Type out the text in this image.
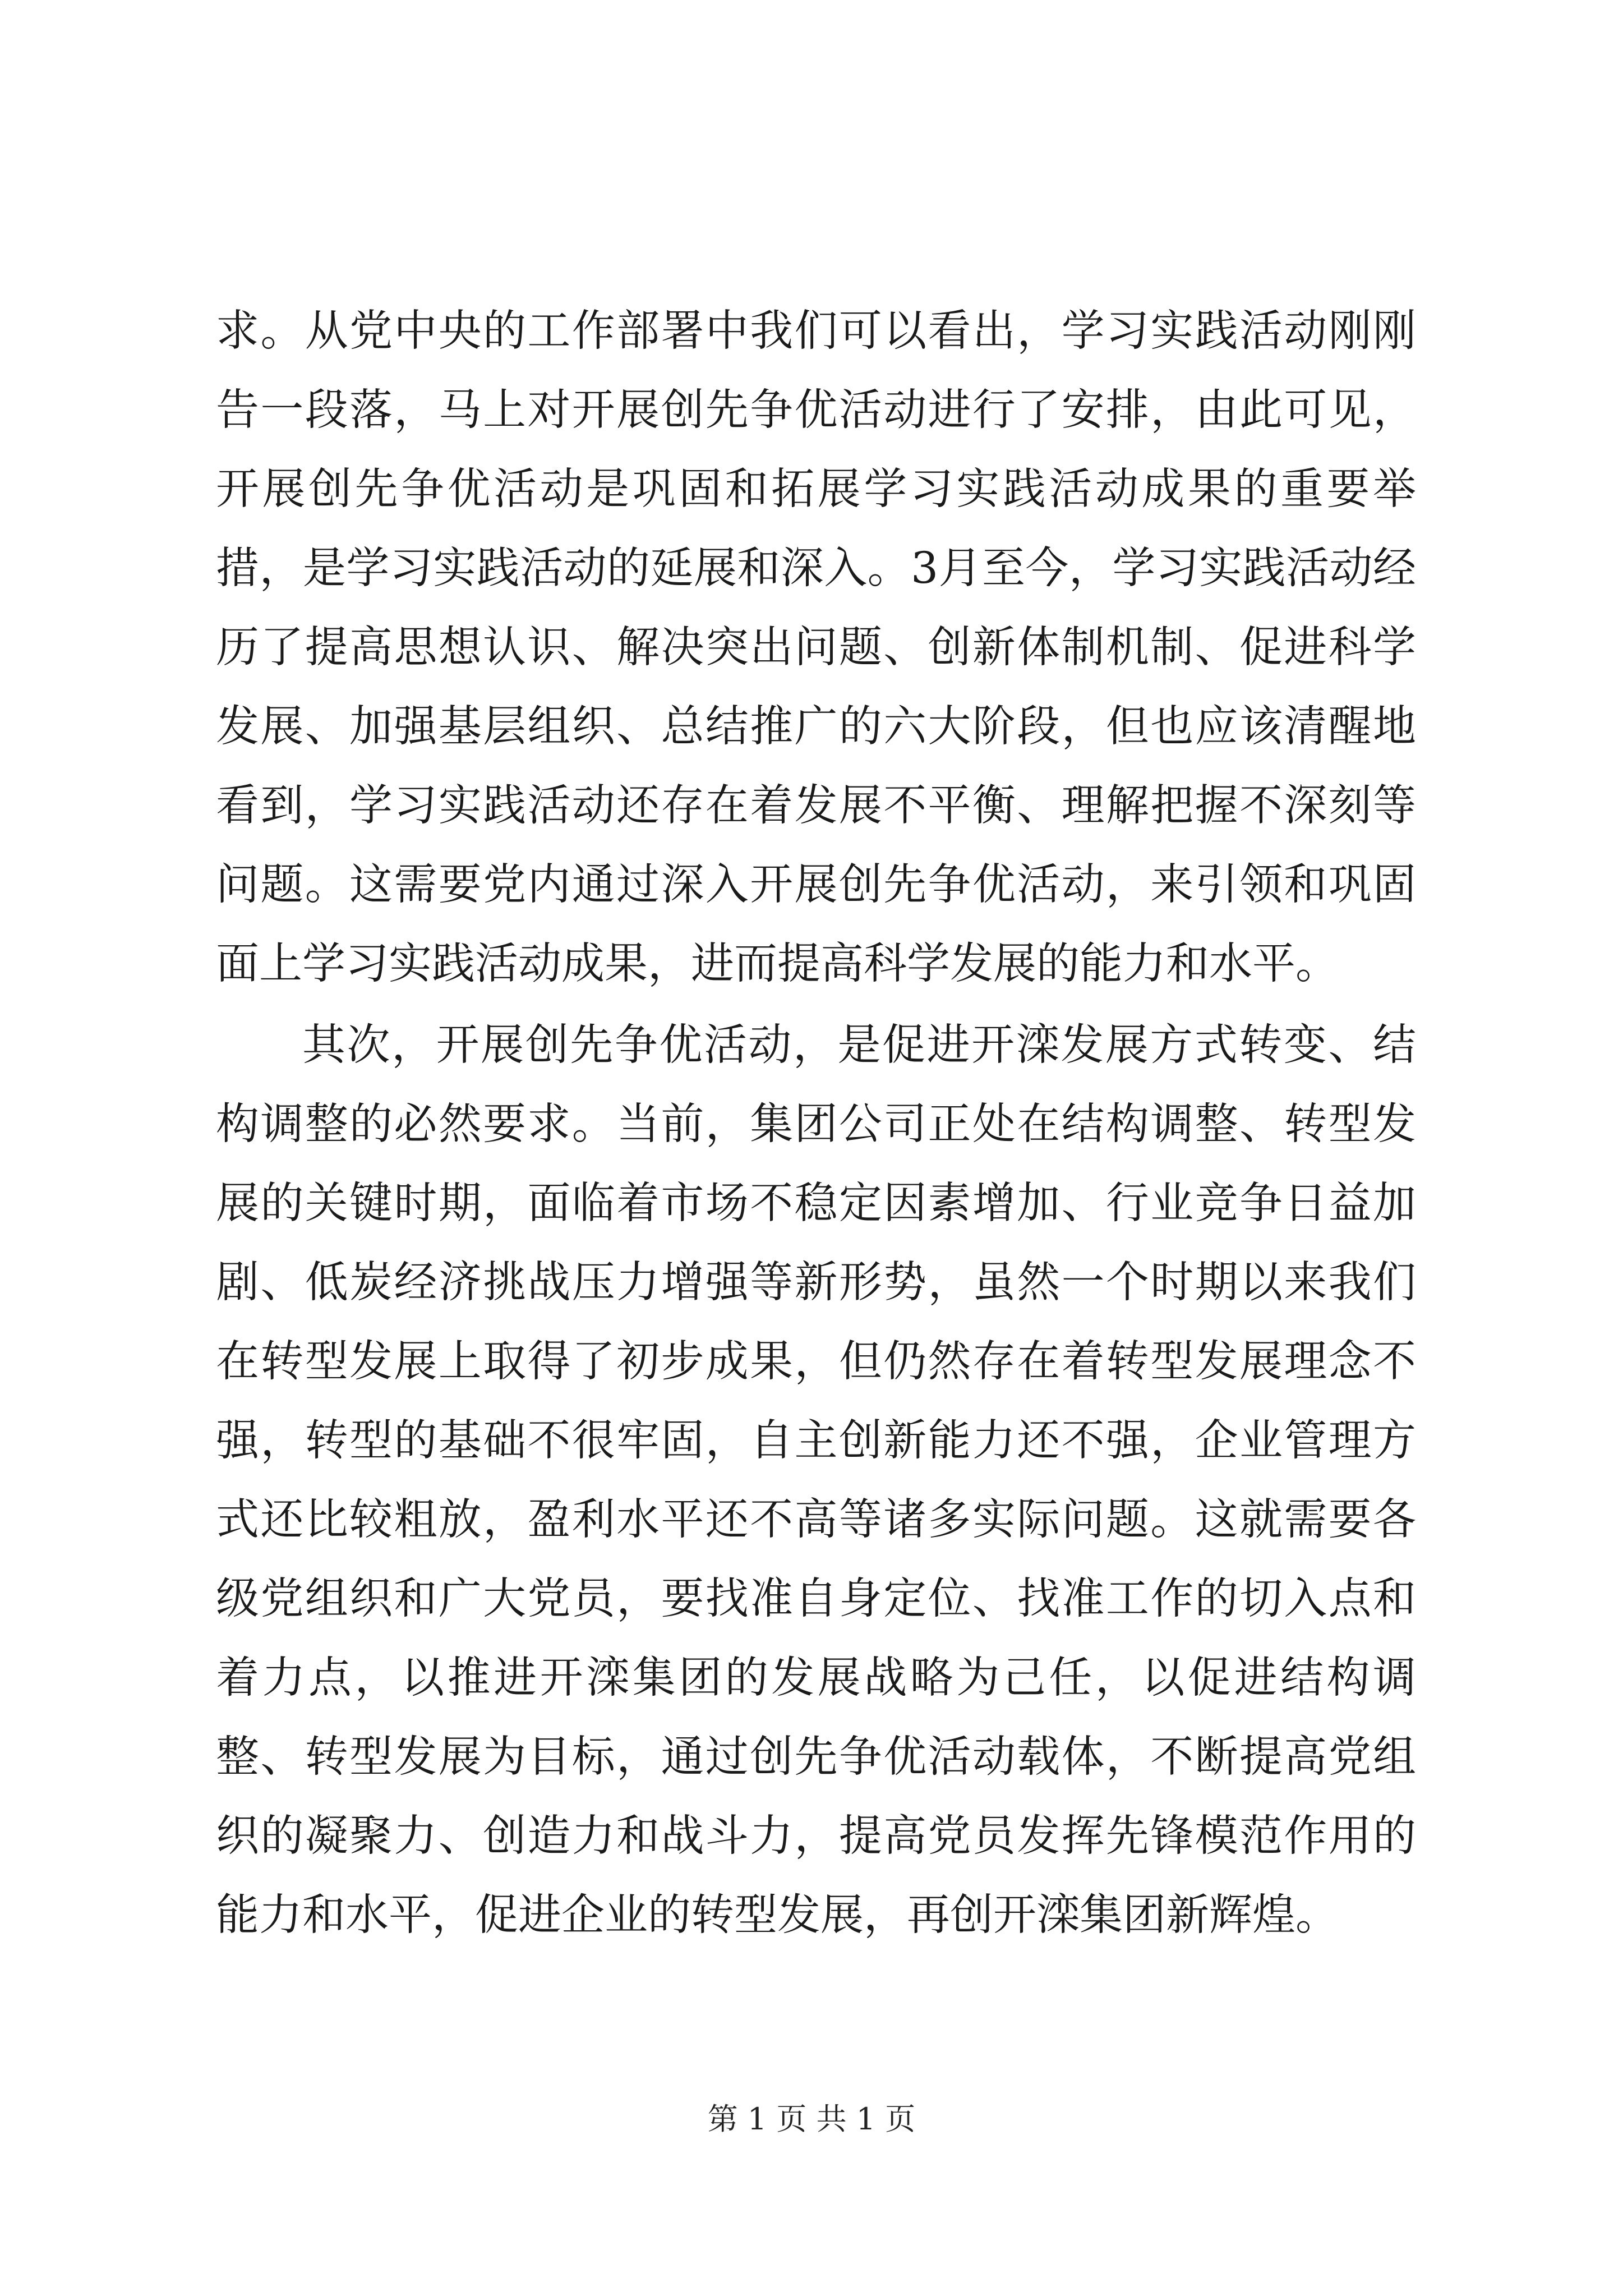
求。从党中央的工作部署中我们可以看出，学习实践活动刚刚告一段落，马上对开展创先争优活动进行了安排，由此可见，开展创先争优活动是巩固和拓展学习实践活动成果的重要举措，是学习实践活动的延展和深入。3月至今，学习实践活动经历了提高思想认识、解决突出问题、创新体制机制、促进科学发展、加强基层组织、总结推广的六大阶段，但也应该清醒地看到，学习实践活动还存在着发展不平衡、理解把握不深刻等问题。这需要党内通过深入开展创先争优活动，来引领和巩固面上学习实践活动成果，进而提高科学发展的能力和水平。

其次，开展创先争优活动，是促进开滦发展方式转变、结构调整的必然要求。当前，集团公司正处在结构调整、转型发展的关键时期，面临着市场不稳定因素增加、行业竞争日益加剧、低炭经济挑战压力增强等新形势，虽然一个时期以来我们在转型发展上取得了初步成果，但仍然存在着转型发展理念不强，转型的基础不很牢固，自主创新能力还不强，企业管理方式还比较粗放，盈利水平还不高等诸多实际问题。这就需要各级党组织和广大党员，要找准自身定位、找准工作的切入点和着力点，以推进开滦集团的发展战略为己任，以促进结构调整、转型发展为目标，通过创先争优活动载体，不断提高党组织的凝聚力、创造力和战斗力，提高党员发挥先锋模范作用的能力和水平，促进企业的转型发展，再创开滦集团新辉煌。

第 1 页 共 1 页
